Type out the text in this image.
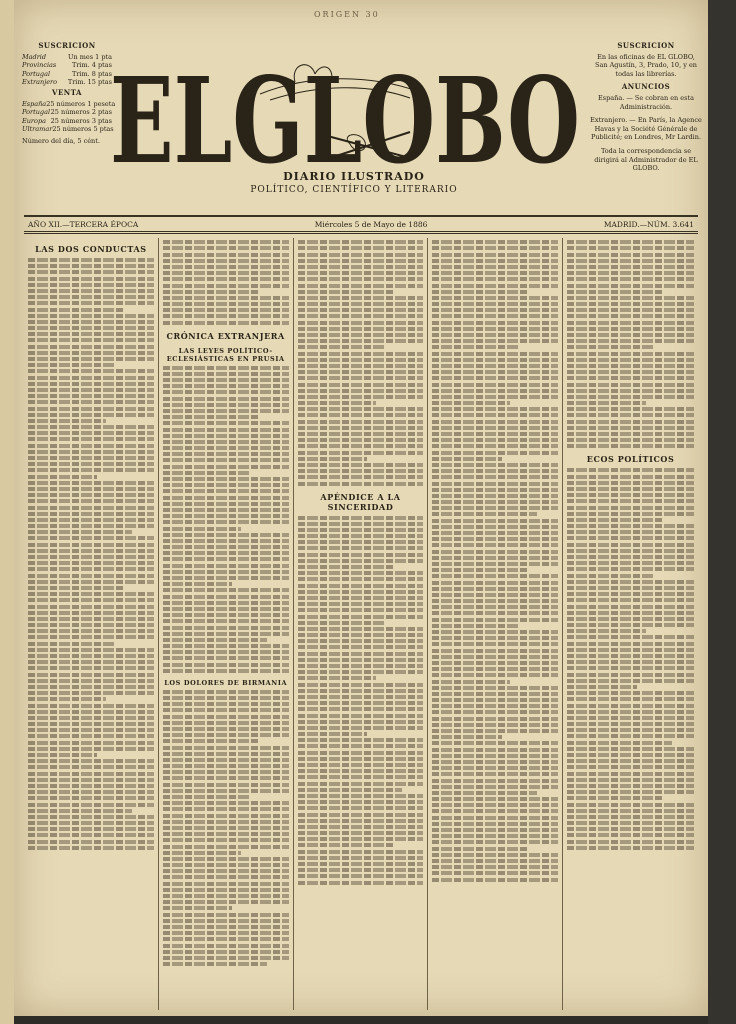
ORIGEN 30
SUSCRICION
Madrid	Un mes 1 pta
Provincias Trim. 4 ptas
Portugal	Trim. 8 ptas
Extranjero Trim. 15 ptas
VENTA
España 25 números 1 peseta
Portugal 25 números 2 ptas
Europa 25 números 3 ptas
Ultramar 25 números 5 ptas
Número del día, 5 cént. ELGLOBO
DIARIO ILUSTRADO
POLÍTICO, CIENTÍFICO Y LITERARIO
SUSCRICION

En las oficinas de EL GLOBO, San Agustín, 3, Prado, 10, y en todas las librerías.

ANUNCIOS

España. — Se cobran en esta Administración.

Extranjero. — En París, la Agence Havas y la Société Générale de Publicité; en Londres, Mr Lardin.

Toda la correspondencia se dirigirá al Administrador de EL GLOBO.

AÑO XII.—TERCERA ÉPOCA	Miércoles 5 de Mayo de 1886	MADRID.—NÚM. 3.641
LAS DOS CONDUCTAS
CRÓNICA EXTRANJERA
LAS LEYES POLÍTICO-ECLESIÁSTICAS EN PRUSIA
LOS DOLORES DE BIRMANIA
APÉNDICE A LA SINCERIDAD
ECOS POLÍTICOS
